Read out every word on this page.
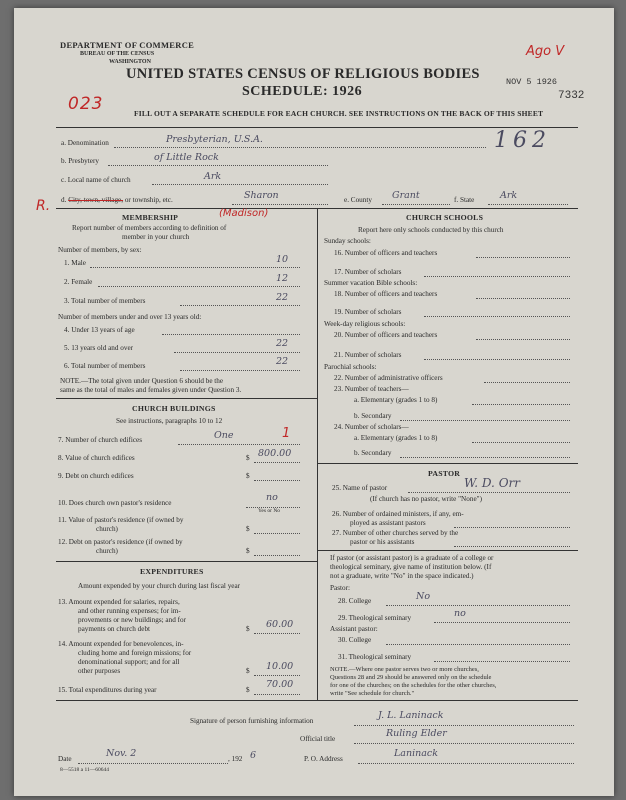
DEPARTMENT OF COMMERCE
BUREAU OF THE CENSUS
WASHINGTON
Ago V
UNITED STATES CENSUS OF RELIGIOUS BODIES	NOV 5 1926
SCHEDULE: 1926	7332
023	FILL OUT A SEPARATE SCHEDULE FOR EACH CHURCH. SEE INSTRUCTIONS ON THE BACK OF THIS SHEET
a. Denomination	Presbyterian, U.S.A.	162
b. Presbytery	of Little Rock
c. Local name of church	Ark
R. d. City, town, village, or township, etc.	Sharon	e. County Grant	f. State	Ark
MEMBERSHIP	(Madison)
Report number of members according to definition of
member in your church
Number of members, by sex:
1. Male	10
2. Female	12
3. Total number of members	22
Number of members under and over 13 years old:
4. Under 13 years of age
5. 13 years old and over	22
6. Total number of members	22
NOTE.—The total given under Question 6 should be the
same as the total of males and females given under Question 3.
CHURCH BUILDINGS
See instructions, paragraphs 10 to 12
7. Number of church edifices	One	1
8. Value of church edifices	$ 800.00
9. Debt on church edifices	$
10. Does church own pastor's residence	no
Yes or No
11. Value of pastor's residence (if owned by
church)	$
12. Debt on pastor's residence (if owned by
church)	$
EXPENDITURES
Amount expended by your church during last fiscal year
13. Amount expended for salaries, repairs,
and other running expenses; for im-
provements or new buildings; and for
payments on church debt	$ 60.00
14. Amount expended for benevolences, in-
cluding home and foreign missions; for
denominational support; and for all
other purposes	$ 10.00
15. Total expenditures during year	$ 70.00
CHURCH SCHOOLS
Report here only schools conducted by this church
Sunday schools:
16. Number of officers and teachers
17. Number of scholars
Summer vacation Bible schools:
18. Number of officers and teachers
19. Number of scholars
Week-day religious schools:
20. Number of officers and teachers
21. Number of scholars
Parochial schools:
22. Number of administrative officers
23. Number of teachers—
a. Elementary (grades 1 to 8)
b. Secondary
24. Number of scholars—
a. Elementary (grades 1 to 8)
b. Secondary
PASTOR
25. Name of pastor	W. D. Orr
(If church has no pastor, write "None")
26. Number of ordained ministers, if any, em-
ployed as assistant pastors
27. Number of other churches served by the
pastor or his assistants
If pastor (or assistant pastor) is a graduate of a college or
theological seminary, give name of institution below. (If
not a graduate, write "No" in the space indicated.)
Pastor:
28. College	No
29. Theological seminary	no
Assistant pastor:
30. College
31. Theological seminary
NOTE.—Where one pastor serves two or more churches,
Questions 28 and 29 should be answered only on the schedule
for one of the churches; on the schedules for the other churches,
write "See schedule for church."
Signature of person furnishing information	J. L. Laninack
Official title	Ruling Elder
Date	Nov. 2	, 192 6	P. O. Address	Laninack
8—5518 a 11—60644
